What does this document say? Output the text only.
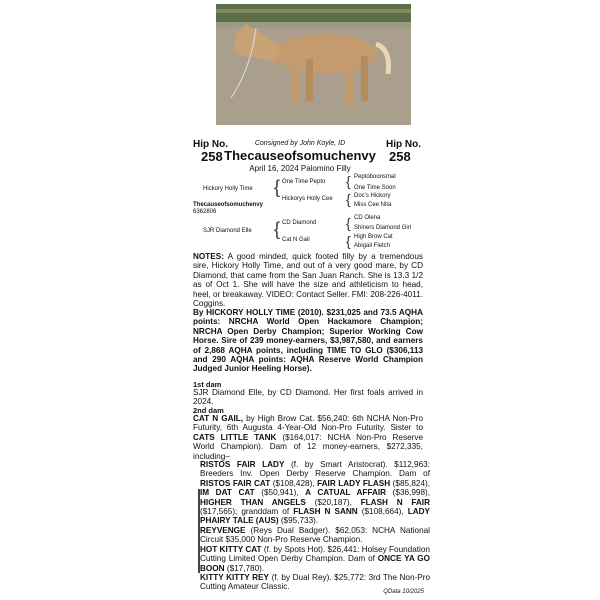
Hip No.	Hip No.
Consigned by John Koyle, ID
258	258
Thecauseofsomuchenvy
April 16, 2024 Palomino Filly
Hickory Holly Time
Thecauseofsomuchenvy
6362806
SJR Diamond Elle
{
{
One Time Pepto
Hickorys Holly Cee
CD Diamond
Cat N Gail
{
{
{
{
Peptoboonsmal
One Time Soon
Doc's Hickory
Miss Cee Nita
CD Olena
Shiners Diamond Girl
High Brow Cat
Abigail Fletch
NOTES: A good minded, quick footed filly by a tremendous sire, Hickory Holly Time, and out of a very good mare, by CD Diamond, that came from the San Juan Ranch. She is 13.3 1/2 as of Oct 1. She will have the size and athleticism to head, heel, or breakaway. VIDEO: Contact Seller. FMI: 208-226-4011. Coggins.
By HICKORY HOLLY TIME (2010). $231,025 and 73.5 AQHA points: NRCHA World Open Hackamore Champion; NRCHA Open Derby Champion; Superior Working Cow Horse. Sire of 239 money-earners, $3,987,580, and earners of 2,868 AQHA points, including TIME TO GLO ($306,113 and 290 AQHA points: AQHA Reserve World Champion Judged Junior Heeling Horse).
1st dam
SJR Diamond Elle, by CD Diamond. Her first foals arrived in 2024.
2nd dam
CAT N GAIL, by High Brow Cat. $56,240: 6th NCHA Non-Pro Futurity, 6th Augusta 4-Year-Old Non-Pro Futurity. Sister to CATS LITTLE TANK ($164,017: NCHA Non-Pro Reserve World Champion). Dam of 12 money-earners, $272,335, including–
RISTOS FAIR LADY (f. by Smart Aristocrat). $112,963: Breeders Inv. Open Derby Reserve Champion. Dam of RISTOS FAIR CAT ($108,428), FAIR LADY FLASH ($85,824), IM DAT CAT ($50,941), A CATUAL AFFAIR ($36,998), HIGHER THAN ANGELS ($20,187), FLASH N FAIR ($17,565); granddam of FLASH N SANN ($108,664), LADY PHAIRY TALE (AUS) ($95,733).
REYVENGE (Reys Dual Badger). $62,053: NCHA National Circuit $35,000 Non-Pro Reserve Champion.
HOT KITTY CAT (f. by Spots Hot). $26,441: Holsey Foundation Cutting Limited Open Derby Champion. Dam of ONCE YA GO BOON ($17,780).
KITTY KITTY REY (f. by Dual Rey). $25,772: 3rd The Non-Pro Cutting Amateur Classic.
QData 10/2025
